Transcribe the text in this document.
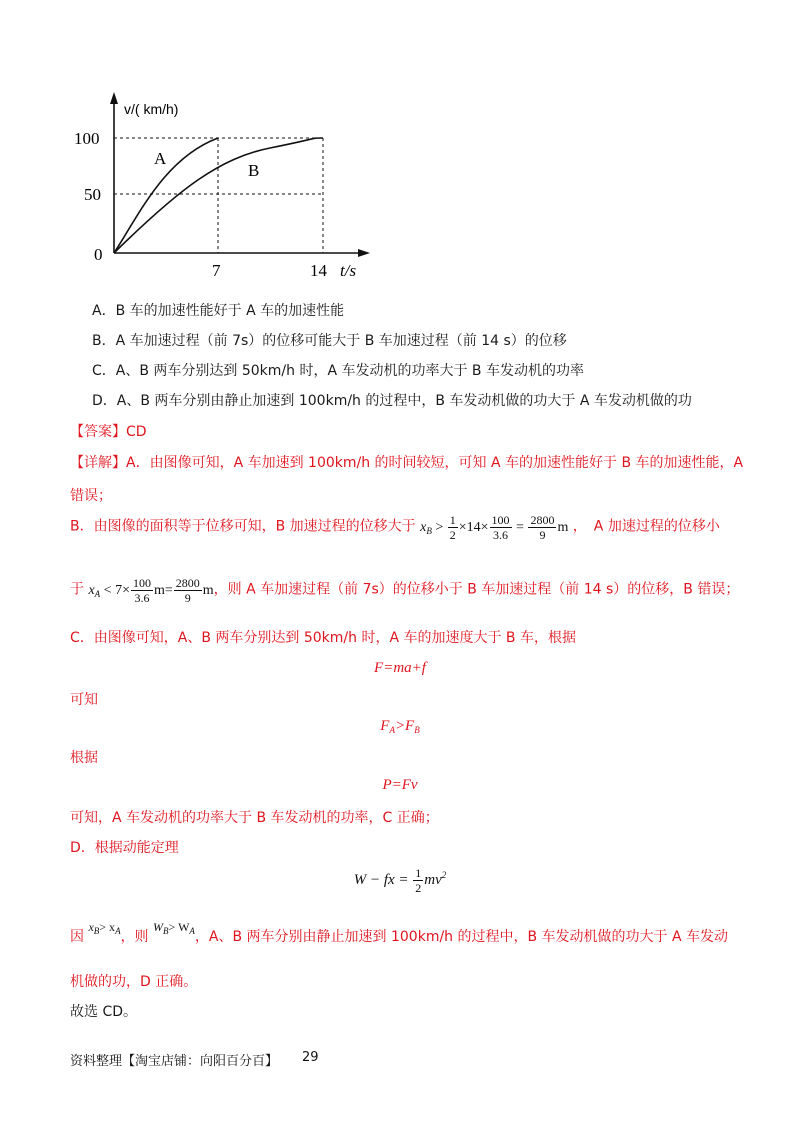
A
B
100
50
0
7	14 t/s
v/( km/h)
A．B 车的加速性能好于 A 车的加速性能
B．A 车加速过程（前 7s）的位移可能大于 B 车加速过程（前 14 s）的位移
C．A、B 两车分别达到 50km/h 时，A 车发动机的功率大于 B 车发动机的功率
D．A、B 两车分别由静止加速到 100km/h 的过程中，B 车发动机做的功大于 A 车发动机做的功
【答案】CD
【详解】A．由图像可知，A 车加速到 100km/h 的时间较短，可知 A 车的加速性能好于 B 车的加速性能，A
错误；
B．由图像的面积等于位移可知，B 加速过程的位移大于 $x_B > \frac{1}{2} \times 14\times \frac{100}{3.6} = \frac{2800}{9}$ m ，　A 加速过程的位移小
于 $x_A < 7\times \frac{100}{3.6} m= \frac{2800}{9}$ m，则 A 车加速过程（前 7s）的位移小于 B 车加速过程（前 14 s）的位移，B 错误；
C．由图像可知，A、B 两车分别达到 50km/h 时，A 车的加速度大于 B 车，根据
F=ma+f
可知
$F_A>F_B$
根据
P=Fv
可知，A 车发动机的功率大于 B 车发动机的功率，C 正确；
D．根据动能定理
W − fx = $\frac{1}{2} mv^2$
因 $x_B> x_A$，则 $W_B> W_A$，A、B 两车分别由静止加速到 100km/h 的过程中，B 车发动机做的功大于 A 车发动
机做的功，D 正确。
故选 CD。
资料整理【淘宝店铺：向阳百分百】 29
